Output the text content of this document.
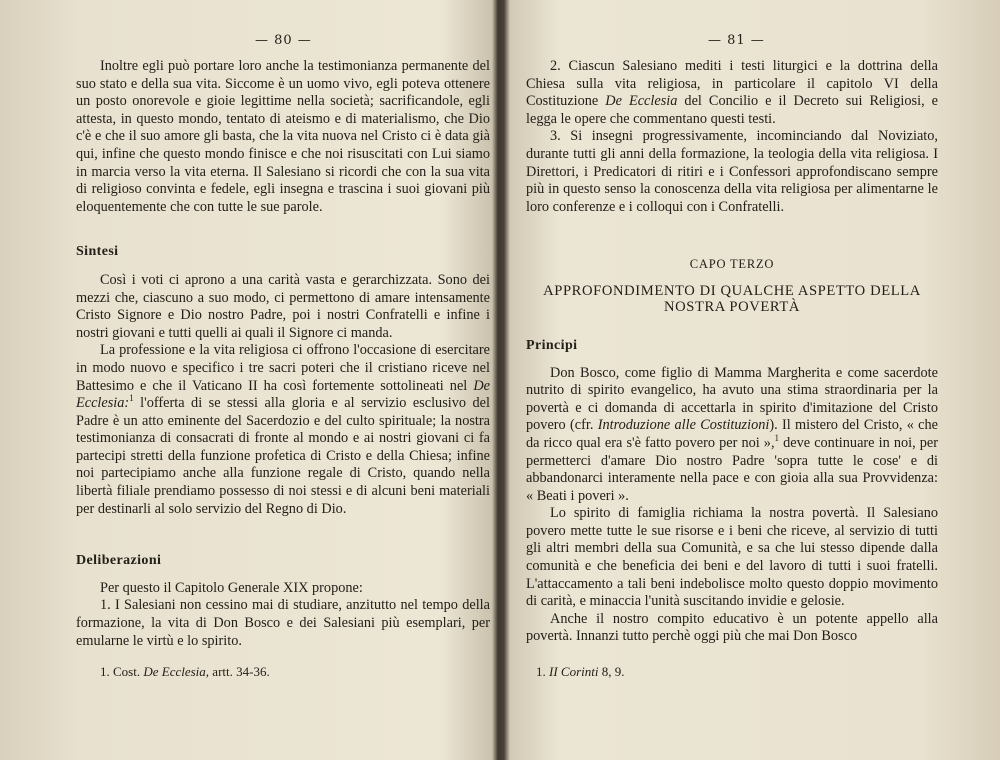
— 80 —

Inoltre egli può portare loro anche la testimonianza permanente del suo stato e della sua vita. Siccome è un uomo vivo, egli poteva ottenere un posto onorevole e gioie legittime nella società; sacrificandole, egli attesta, in questo mondo, tentato di ateismo e di materialismo, che Dio c'è e che il suo amore gli basta, che la vita nuova nel Cristo ci è data già qui, infine che questo mondo finisce e che noi risuscitati con Lui siamo in marcia verso la vita eterna. Il Salesiano si ricordi che con la sua vita di religioso convinta e fedele, egli insegna e trascina i suoi giovani più eloquentemente che con tutte le sue parole.

Sintesi

Così i voti ci aprono a una carità vasta e gerarchizzata. Sono dei mezzi che, ciascuno a suo modo, ci permettono di amare intensamente Cristo Signore e Dio nostro Padre, poi i nostri Confratelli e infine i nostri giovani e tutti quelli ai quali il Signore ci manda.

La professione e la vita religiosa ci offrono l'occasione di esercitare in modo nuovo e specifico i tre sacri poteri che il cristiano riceve nel Battesimo e che il Vaticano II ha così fortemente sottolineati nel De Ecclesia:$^1$ l'offerta di se stessi alla gloria e al servizio esclusivo del Padre è un atto eminente del Sacerdozio e del culto spirituale; la nostra testimonianza di consacrati di fronte al mondo e ai nostri giovani ci fa partecipi stretti della funzione profetica di Cristo e della Chiesa; infine noi partecipiamo anche alla funzione regale di Cristo, quando nella libertà filiale prendiamo possesso di noi stessi e di alcuni beni materiali per destinarli al solo servizio del Regno di Dio.

Deliberazioni

Per questo il Capitolo Generale XIX propone:

1. I Salesiani non cessino mai di studiare, anzitutto nel tempo della formazione, la vita di Don Bosco e dei Salesiani più esemplari, per emularne le virtù e lo spirito.

1. Cost. De Ecclesia, artt. 34-36.
— 81 —

2. Ciascun Salesiano mediti i testi liturgici e la dottrina della Chiesa sulla vita religiosa, in particolare il capitolo VI della Costituzione De Ecclesia del Concilio e il Decreto sui Religiosi, e legga le opere che commentano questi testi.

3. Si insegni progressivamente, incominciando dal Noviziato, durante tutti gli anni della formazione, la teologia della vita religiosa. I Direttori, i Predicatori di ritiri e i Confessori approfondiscano sempre più in questo senso la conoscenza della vita religiosa per alimentarne le loro conferenze e i colloqui con i Confratelli.

CAPO TERZO
APPROFONDIMENTO DI QUALCHE ASPETTO DELLA NOSTRA POVERTÀ
Principi

Don Bosco, come figlio di Mamma Margherita e come sacerdote nutrito di spirito evangelico, ha avuto una stima straordinaria per la povertà e ci domanda di accettarla in spirito d'imitazione del Cristo povero (cfr. Introduzione alle Costituzioni). Il mistero del Cristo, « che da ricco qual era s'è fatto povero per noi »,$^1$ deve continuare in noi, per permetterci d'amare Dio nostro Padre 'sopra tutte le cose' e di abbandonarci interamente nella pace e con gioia alla sua Provvidenza: « Beati i poveri ».

Lo spirito di famiglia richiama la nostra povertà. Il Salesiano povero mette tutte le sue risorse e i beni che riceve, al servizio di tutti gli altri membri della sua Comunità, e sa che lui stesso dipende dalla comunità e che beneficia dei beni e del lavoro di tutti i suoi fratelli. L'attaccamento a tali beni indebolisce molto questo doppio movimento di carità, e minaccia l'unità suscitando invidie e gelosie.

Anche il nostro compito educativo è un potente appello alla povertà. Innanzi tutto perchè oggi più che mai Don Bosco

1. II Corinti 8, 9.
